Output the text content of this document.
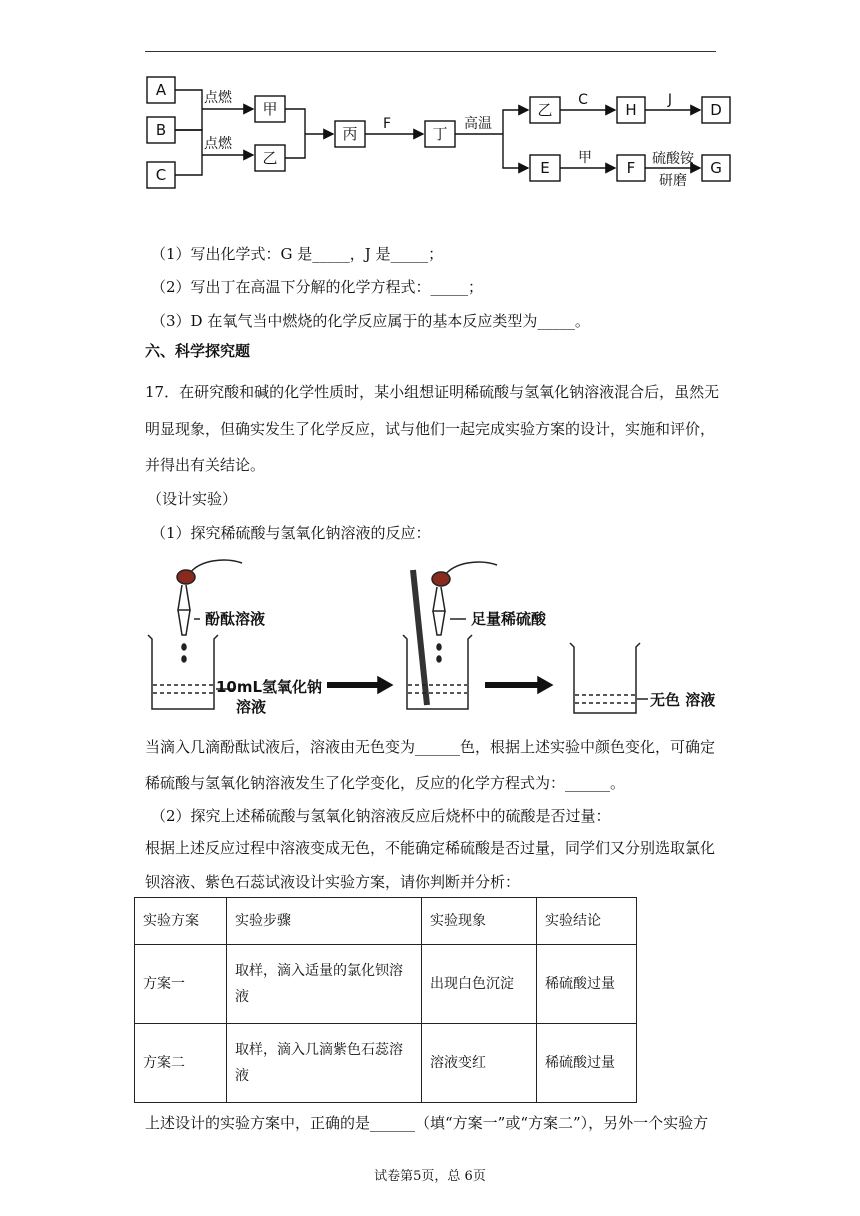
A
B
C
甲
乙
丙	丁
乙	H	D
E	F	G
点燃
点燃
F	高温
C	J
甲	硫酸铵
研磨
（1）写出化学式：G 是_____，J 是_____；
（2）写出丁在高温下分解的化学方程式：_____；
（3）D 在氧气当中燃烧的化学反应属于的基本反应类型为_____。
六、科学探究题
17．在研究酸和碱的化学性质时，某小组想证明稀硫酸与氢氧化钠溶液混合后，虽然无
明显现象，但确实发生了化学反应，试与他们一起完成实验方案的设计，实施和评价，
并得出有关结论。
（设计实验）
（1）探究稀硫酸与氢氧化钠溶液的反应：
酚酞溶液
10mL氢氧化钠
溶液
足量稀硫酸
无色 溶液
当滴入几滴酚酞试液后，溶液由无色变为______色，根据上述实验中颜色变化，可确定
稀硫酸与氢氧化钠溶液发生了化学变化，反应的化学方程式为：______。
（2）探究上述稀硫酸与氢氧化钠溶液反应后烧杯中的硫酸是否过量：
根据上述反应过程中溶液变成无色，不能确定稀硫酸是否过量，同学们又分别选取氯化
钡溶液、紫色石蕊试液设计实验方案，请你判断并分析：
实验方案	实验步骤	实验现象	实验结论
方案一	取样，滴入适量的氯化钡溶
液	出现白色沉淀	稀硫酸过量
方案二	取样，滴入几滴紫色石蕊溶
液	溶液变红	稀硫酸过量
上述设计的实验方案中，正确的是______（填“方案一”或“方案二”），另外一个实验方
试卷第5页，总 6页
